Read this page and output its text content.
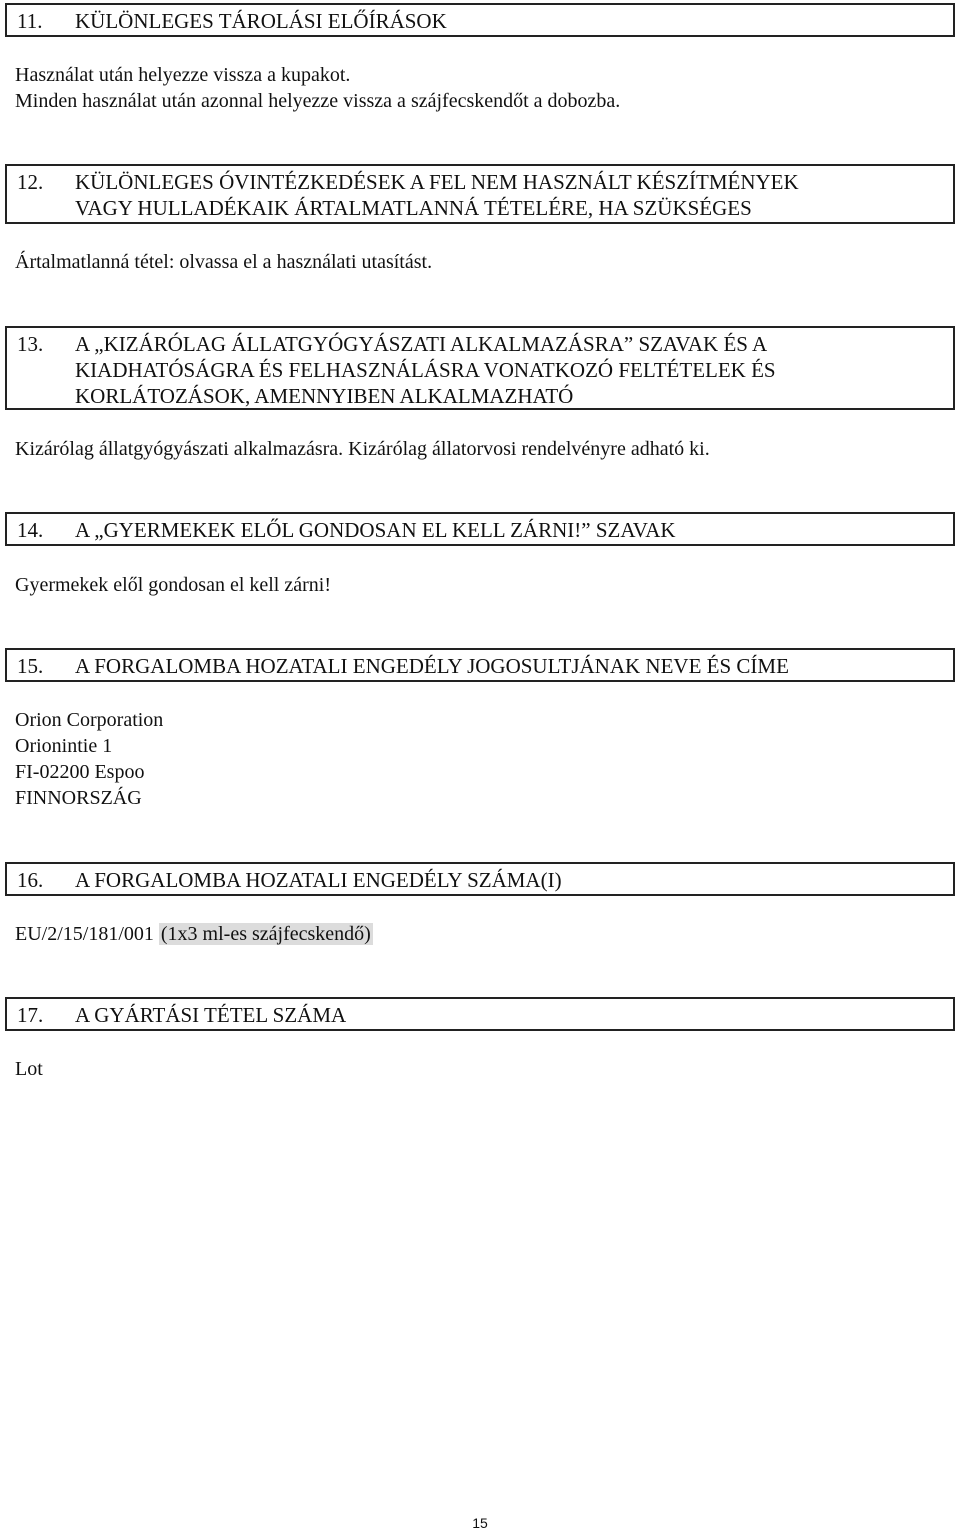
11. KÜLÖNLEGES TÁROLÁSI ELŐÍRÁSOK
Használat után helyezze vissza a kupakot.
Minden használat után azonnal helyezze vissza a szájfecskendőt a dobozba.
12. KÜLÖNLEGES ÓVINTÉZKEDÉSEK A FEL NEM HASZNÁLT KÉSZÍTMÉNYEK
VAGY HULLADÉKAIK ÁRTALMATLANNÁ TÉTELÉRE, HA SZÜKSÉGES
Ártalmatlanná tétel: olvassa el a használati utasítást.
13. A „KIZÁRÓLAG ÁLLATGYÓGYÁSZATI ALKALMAZÁSRA” SZAVAK ÉS A
KIADHATÓSÁGRA ÉS FELHASZNÁLÁSRA VONATKOZÓ FELTÉTELEK ÉS
KORLÁTOZÁSOK, AMENNYIBEN ALKALMAZHATÓ
Kizárólag állatgyógyászati alkalmazásra. Kizárólag állatorvosi rendelvényre adható ki.
14. A „GYERMEKEK ELŐL GONDOSAN EL KELL ZÁRNI!” SZAVAK
Gyermekek elől gondosan el kell zárni!
15. A FORGALOMBA HOZATALI ENGEDÉLY JOGOSULTJÁNAK NEVE ÉS CÍME
Orion Corporation
Orionintie 1
FI-02200 Espoo
FINNORSZÁG
16. A FORGALOMBA HOZATALI ENGEDÉLY SZÁMA(I)
EU/2/15/181/001 (1x3 ml-es szájfecskendő)
17. A GYÁRTÁSI TÉTEL SZÁMA
Lot
15
